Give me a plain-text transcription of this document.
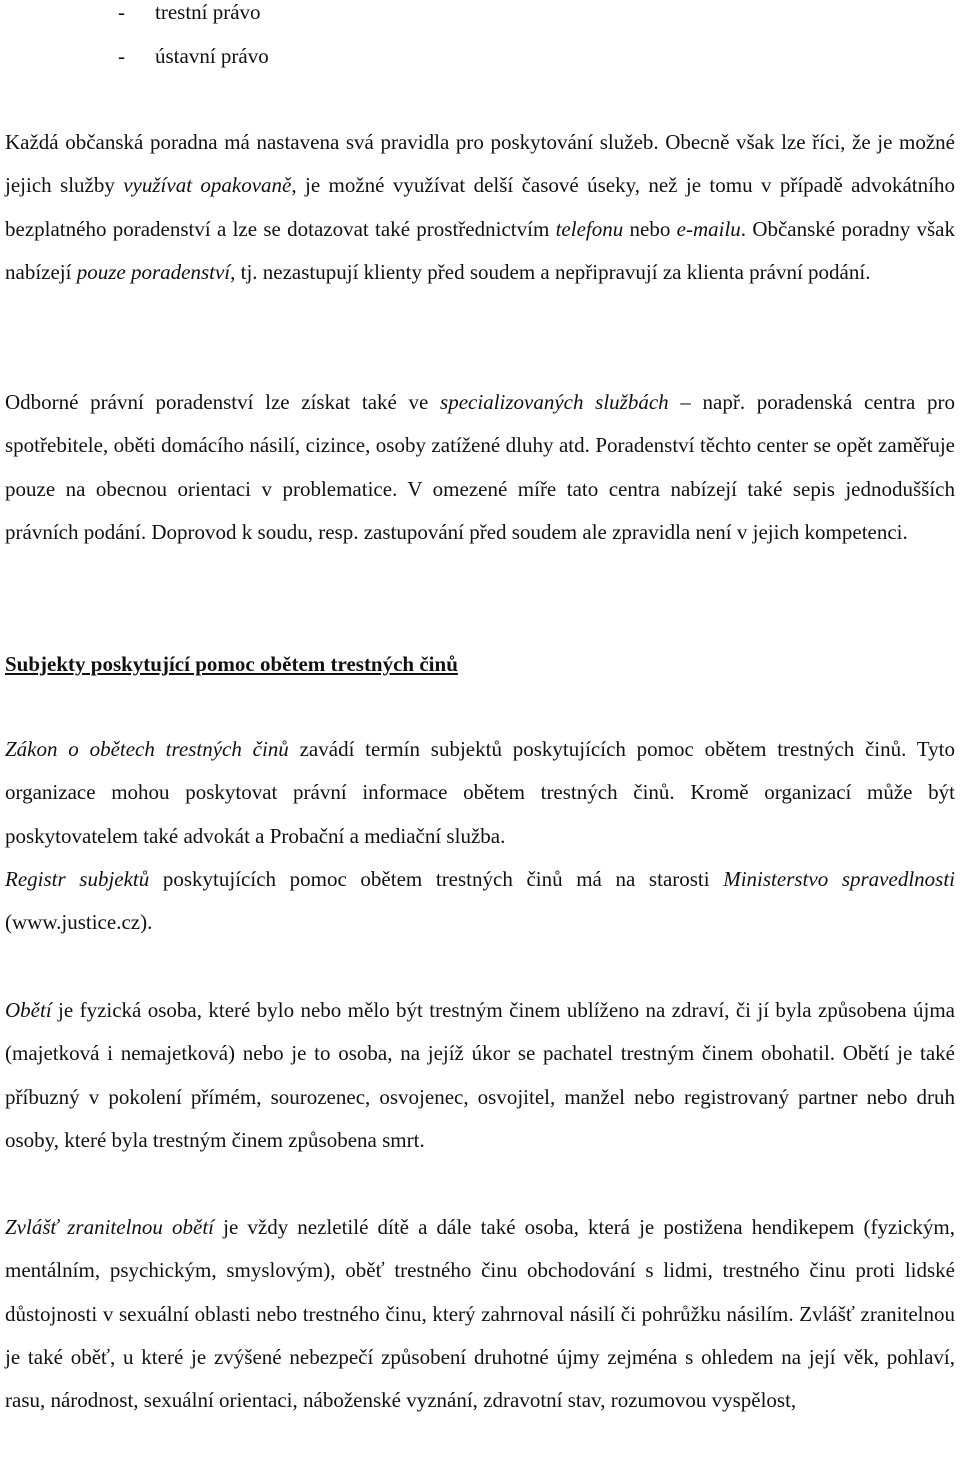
- trestní právo
- ústavní právo

Každá občanská poradna má nastavena svá pravidla pro poskytování služeb. Obecně však lze říci, že je možné jejich služby využívat opakovaně, je možné využívat delší časové úseky, než je tomu v případě advokátního bezplatného poradenství a lze se dotazovat také prostřednictvím telefonu nebo e-mailu. Občanské poradny však nabízejí pouze poradenství, tj. nezastupují klienty před soudem a nepřipravují za klienta právní podání.

Odborné právní poradenství lze získat také ve specializovaných službách – např. poradenská centra pro spotřebitele, oběti domácího násilí, cizince, osoby zatížené dluhy atd. Poradenství těchto center se opět zaměřuje pouze na obecnou orientaci v problematice. V omezené míře tato centra nabízejí také sepis jednodušších právních podání. Doprovod k soudu, resp. zastupování před soudem ale zpravidla není v jejich kompetenci.

Subjekty poskytující pomoc obětem trestných činů

Zákon o obětech trestných činů zavádí termín subjektů poskytujících pomoc obětem trestných činů. Tyto organizace mohou poskytovat právní informace obětem trestných činů. Kromě organizací může být poskytovatelem také advokát a Probační a mediační služba.

Registr subjektů poskytujících pomoc obětem trestných činů má na starosti Ministerstvo spravedlnosti (www.justice.cz).

Obětí je fyzická osoba, které bylo nebo mělo být trestným činem ublíženo na zdraví, či jí byla způsobena újma (majetková i nemajetková) nebo je to osoba, na jejíž úkor se pachatel trestným činem obohatil. Obětí je také příbuzný v pokolení přímém, sourozenec, osvojenec, osvojitel, manžel nebo registrovaný partner nebo druh osoby, které byla trestným činem způsobena smrt.

Zvlášť zranitelnou obětí je vždy nezletilé dítě a dále také osoba, která je postižena hendikepem (fyzickým, mentálním, psychickým, smyslovým), oběť trestného činu obchodování s lidmi, trestného činu proti lidské důstojnosti v sexuální oblasti nebo trestného činu, který zahrnoval násilí či pohrůžku násilím. Zvlášť zranitelnou je také oběť, u které je zvýšené nebezpečí způsobení druhotné újmy zejména s ohledem na její věk, pohlaví, rasu, národnost, sexuální orientaci, náboženské vyznání, zdravotní stav, rozumovou vyspělost,
